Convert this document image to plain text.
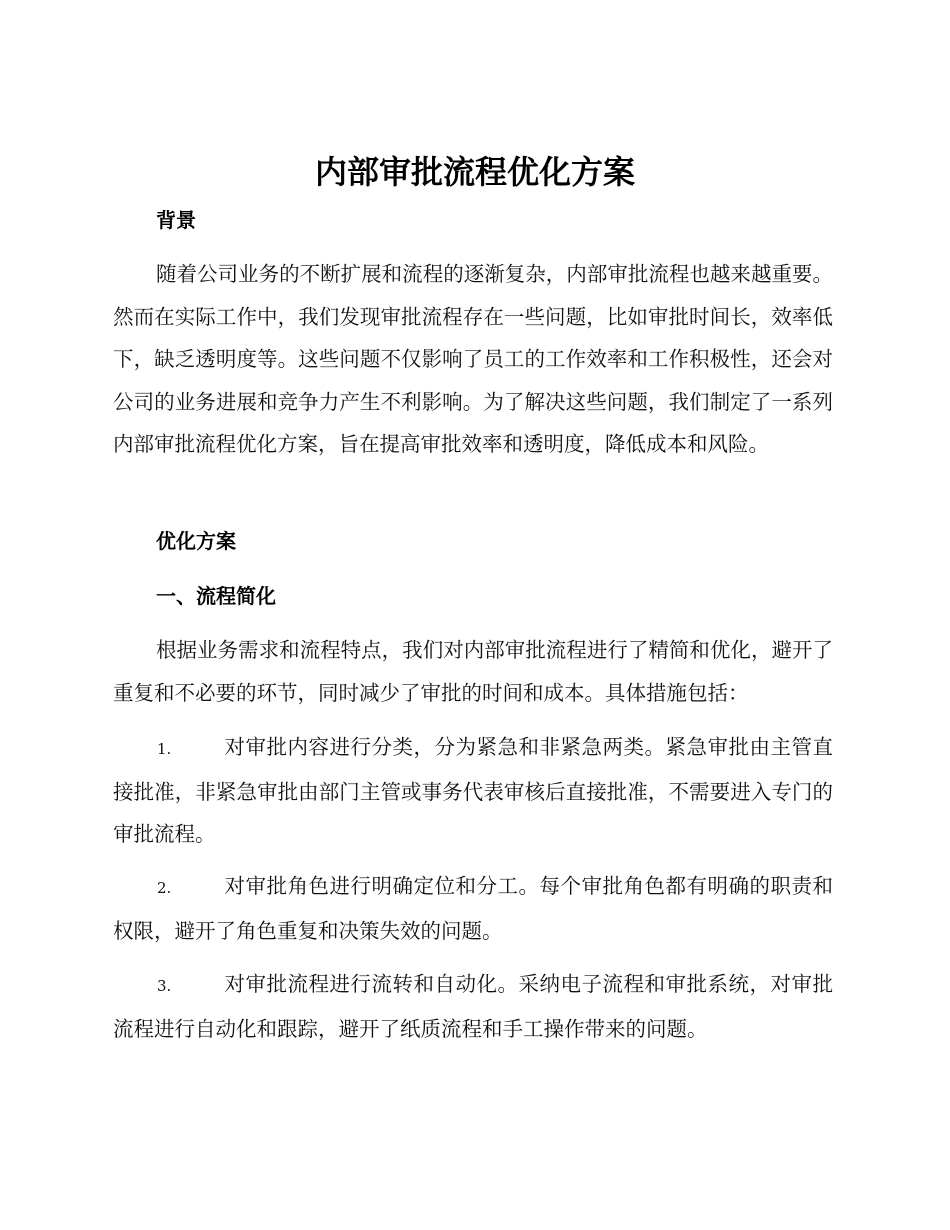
内部审批流程优化方案
背景

随着公司业务的不断扩展和流程的逐渐复杂，内部审批流程也越来越重要。然而在实际工作中，我们发现审批流程存在一些问题，比如审批时间长，效率低下，缺乏透明度等。这些问题不仅影响了员工的工作效率和工作积极性，还会对公司的业务进展和竞争力产生不利影响。为了解决这些问题，我们制定了一系列内部审批流程优化方案，旨在提高审批效率和透明度，降低成本和风险。

优化方案
一、流程简化

根据业务需求和流程特点，我们对内部审批流程进行了精简和优化，避开了重复和不必要的环节，同时减少了审批的时间和成本。具体措施包括：

1.	对审批内容进行分类，分为紧急和非紧急两类。紧急审批由主管直接批准，非紧急审批由部门主管或事务代表审核后直接批准，不需要进入专门的审批流程。

2.	对审批角色进行明确定位和分工。每个审批角色都有明确的职责和权限，避开了角色重复和决策失效的问题。

3.	对审批流程进行流转和自动化。采纳电子流程和审批系统，对审批流程进行自动化和跟踪，避开了纸质流程和手工操作带来的问题。
